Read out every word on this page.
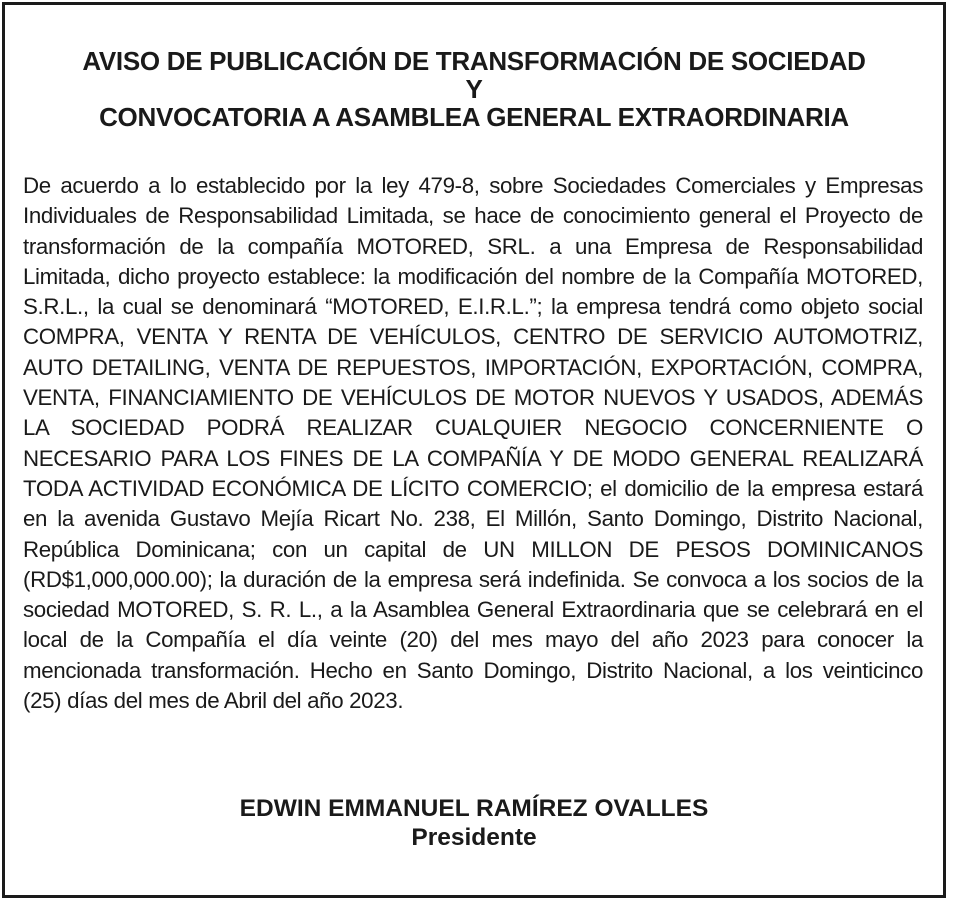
AVISO DE PUBLICACIÓN DE TRANSFORMACIÓN DE SOCIEDAD
Y
CONVOCATORIA A ASAMBLEA GENERAL EXTRAORDINARIA

De acuerdo a lo establecido por la ley 479-8, sobre Sociedades Comerciales y Empresas Individuales de Responsabilidad Limitada, se hace de conocimiento general el Proyecto de transformación de la compañía MOTORED, SRL. a una Empresa de Responsabilidad Limitada, dicho proyecto establece: la modificación del nombre de la Compañía MOTORED, S.R.L., la cual se denominará “MOTORED, E.I.R.L.”; la empresa tendrá como objeto social COMPRA, VENTA Y RENTA DE VEHÍCULOS, CENTRO DE SERVICIO AUTOMOTRIZ, AUTO DETAILING, VENTA DE REPUESTOS, IMPORTACIÓN, EXPORTACIÓN, COMPRA, VENTA, FINANCIAMIENTO DE VEHÍCULOS DE MOTOR NUEVOS Y USADOS, ADEMÁS LA SOCIEDAD PODRÁ REALIZAR CUALQUIER NEGOCIO CONCERNIENTE O NECESARIO PARA LOS FINES DE LA COMPAÑÍA Y DE MODO GENERAL REALIZARÁ TODA ACTIVIDAD ECONÓMICA DE LÍCITO COMERCIO; el domicilio de la empresa estará en la avenida Gustavo Mejía Ricart No. 238, El Millón, Santo Domingo, Distrito Nacional, República Dominicana; con un capital de UN MILLON DE PESOS DOMINICANOS (RD$1,000,000.00); la duración de la empresa será indefinida. Se convoca a los socios de la sociedad MOTORED, S. R. L., a la Asamblea General Extraordinaria que se celebrará en el local de la Compañía el día veinte (20) del mes mayo del año 2023 para conocer la mencionada transformación. Hecho en Santo Domingo, Distrito Nacional, a los veinticinco (25) días del mes de Abril del año 2023.

EDWIN EMMANUEL RAMÍREZ OVALLES
Presidente
